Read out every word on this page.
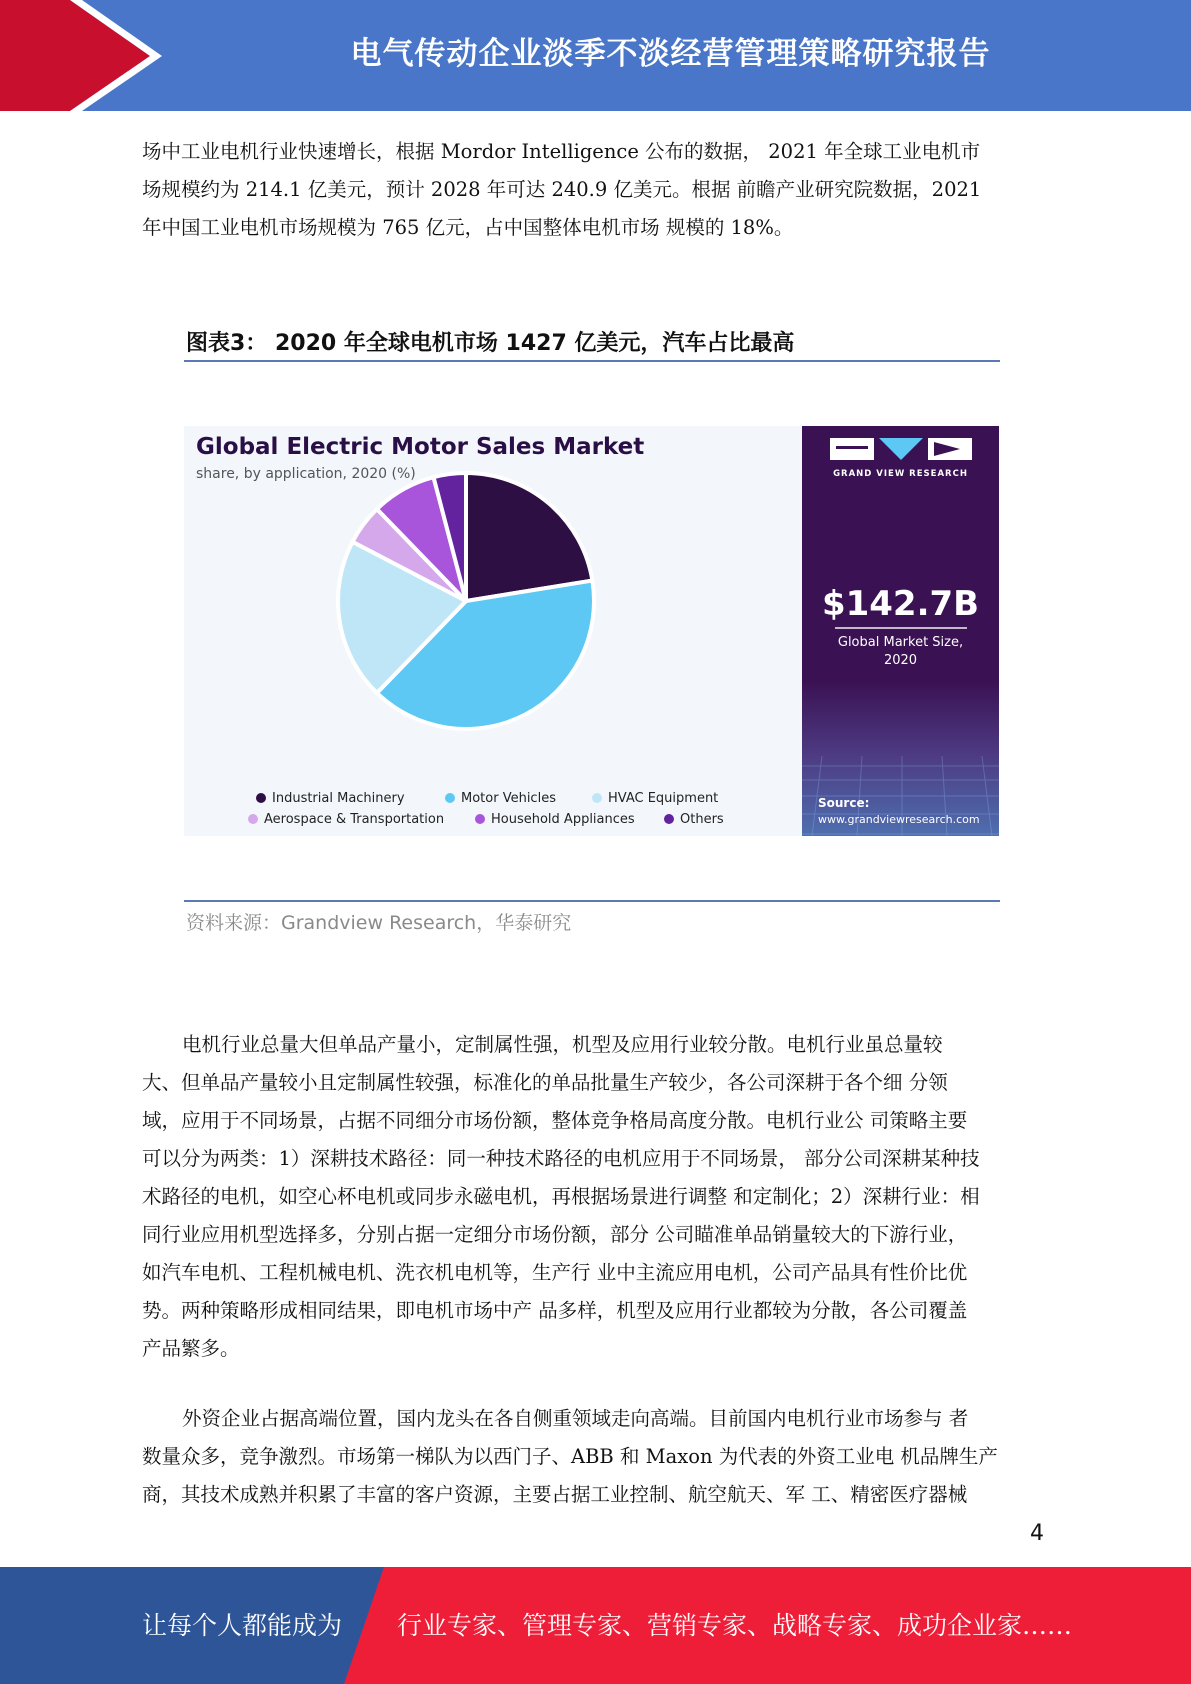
电气传动企业淡季不淡经营管理策略研究报告
场中工业电机行业快速增长，根据 Mordor Intelligence 公布的数据， 2021 年全球工业电机市
场规模约为 214.1 亿美元，预计 2028 年可达 240.9 亿美元。根据 前瞻产业研究院数据，2021
年中国工业电机市场规模为 765 亿元，占中国整体电机市场 规模的 18%。
图表3： 2020 年全球电机市场 1427 亿美元，汽车占比最高
Global Electric Motor Sales Market
share, by application, 2020 (%)
Industrial Machinery	Motor Vehicles	HVAC Equipment
Aerospace & Transportation	Household Appliances	Others
GRAND VIEW RESEARCH
$142.7B
Global Market Size,
2020
Source:
www.grandviewresearch.com
资料来源：Grandview Research，华泰研究
电机行业总量大但单品产量小，定制属性强，机型及应用行业较分散。电机行业虽总量较
大、但单品产量较小且定制属性较强，标准化的单品批量生产较少，各公司深耕于各个细 分领
域，应用于不同场景，占据不同细分市场份额，整体竞争格局高度分散。电机行业公 司策略主要
可以分为两类：1）深耕技术路径：同一种技术路径的电机应用于不同场景， 部分公司深耕某种技
术路径的电机，如空心杯电机或同步永磁电机，再根据场景进行调整 和定制化；2）深耕行业：相
同行业应用机型选择多，分别占据一定细分市场份额，部分 公司瞄准单品销量较大的下游行业，
如汽车电机、工程机械电机、洗衣机电机等，生产行 业中主流应用电机，公司产品具有性价比优
势。两种策略形成相同结果，即电机市场中产 品多样，机型及应用行业都较为分散，各公司覆盖
产品繁多。
外资企业占据高端位置，国内龙头在各自侧重领域走向高端。目前国内电机行业市场参与 者
数量众多，竞争激烈。市场第一梯队为以西门子、ABB 和 Maxon 为代表的外资工业电 机品牌生产
商，其技术成熟并积累了丰富的客户资源，主要占据工业控制、航空航天、军 工、精密医疗器械
4
让每个人都能成为 行业专家、管理专家、营销专家、战略专家、成功企业家……
